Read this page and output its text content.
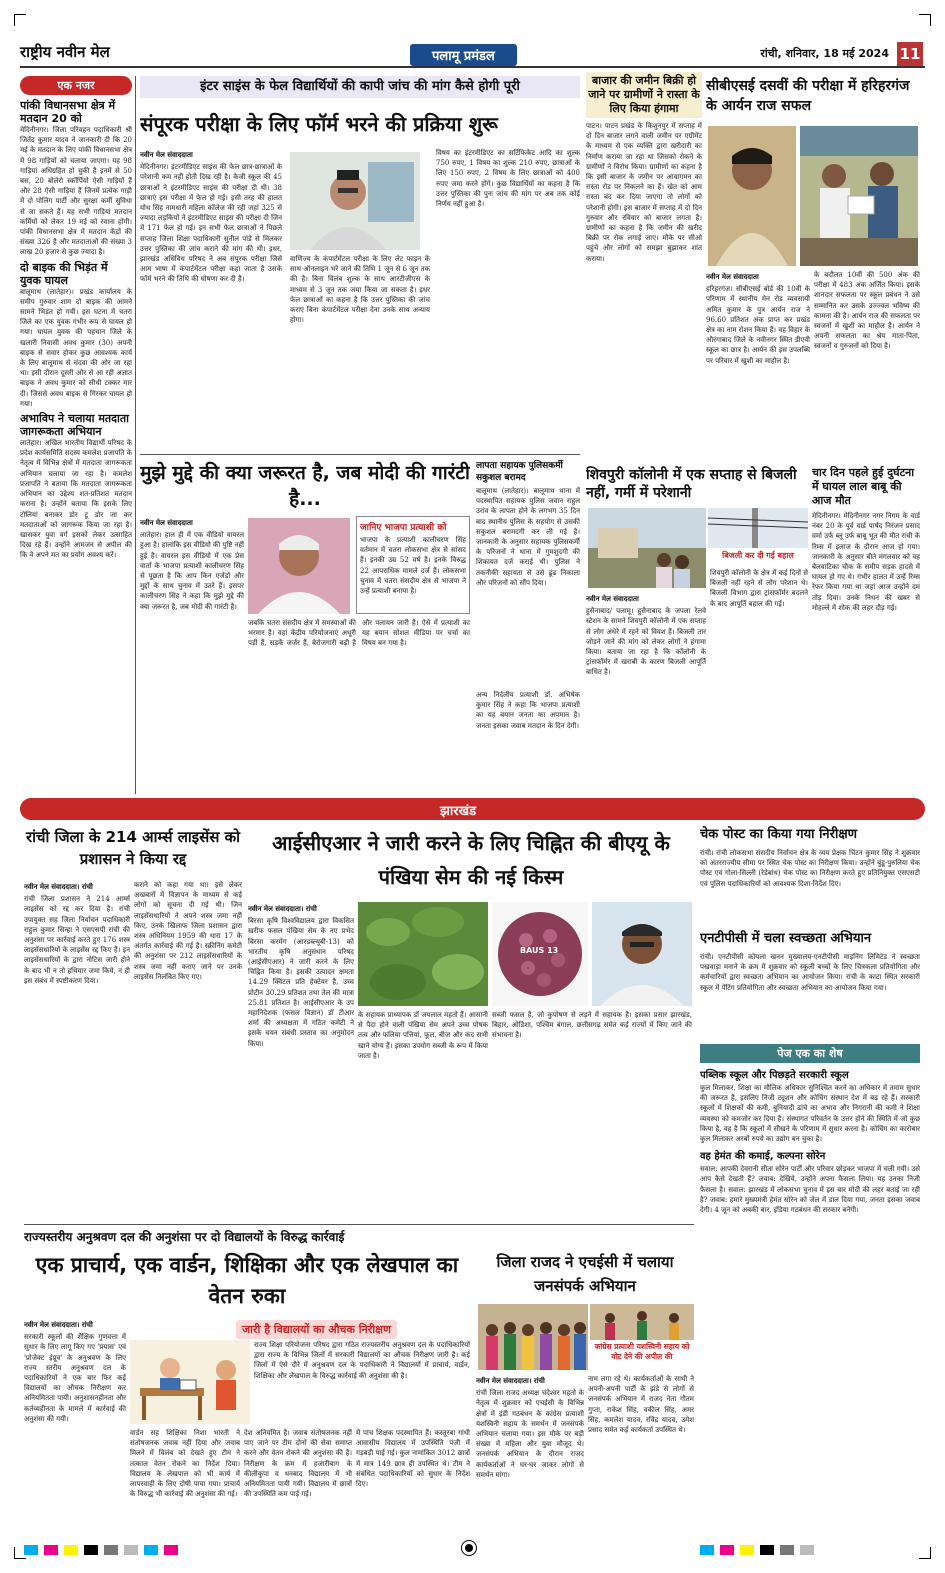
राष्ट्रीय नवीन मेल	पलामू प्रमंडल	रांची, शनिवार, 18 मई 2024 11
एक नजर
पांकी विधानसभा क्षेत्र में मतदान 20 को
मेदिनीनगर। जिला परिवहन पदाधिकारी श्री जितेंद्र कुमार यादव ने जानकारी दी कि 20 मई के मतदान के लिए पांकी विधानसभा क्षेत्र में 98 गाड़ियों को चलाया जाएगा। यह 98 गाड़ियां अधिग्रहित हो चुकी है इनमें से 50 बस, 20 बोलेरो स्कॉर्पियो ऐसी गाड़ियों हैं और 28 ऐसी गाड़ियां हैं जिनमें प्रत्येक गाड़ी में दो पोलिंग पार्टी और सुरक्षा कर्मी सुविधा से जा सकते हैं। यह सभी गाड़ियां मतदान कर्मियों को लेकर 19 मई को रवाना होंगी। पांकी विधानसभा क्षेत्र में मतदान केंद्रों की संख्या 326 है और मतदाताओं की संख्या 3 लाख 20 हजार से कुछ ज्यादा है।
दो बाइक की भिड़ंत में युवक घायल
बालूमाथ (लातेहार)। प्रखंड कार्यालय के समीप गुरुवार शाम दो बाइक की आमने सामने भिड़ंत हो गयी। इस घटना में चतरा जिले का एक युवक गंभीर रूप से घायल हो गया। घायल युवक की पहचान जिले के खलारी निवासी अवध कुमार (30) अपनी बाइक से सवार होकर कुछ आवश्यक कार्य के लिए बालूमाथ से चंदवा की ओर जा रहा था। इसी दौरान दूसरी ओर से आ रही अज्ञात बाइक ने अवध कुमार को सीधी टक्कर मार दी। जिससे अवध बाइक से गिरकर घायल हो गया।
अभाविप ने चलाया मतदाता जागरूकता अभियान
लातेहार। अखिल भारतीय विद्यार्थी परिषद के प्रदेश कार्यसमिति सदस्य कमलेश प्रजापति के नेतृत्व में विभिन्न क्षेत्रों में मतदाता जागरूकता अभियान चलाया जा रहा है। कमलेश प्रजापति ने बताया कि मतदाता जागरूकता अभियान का उद्देश्य शत-प्रतिशत मतदान कराना है। उन्होंने बताया कि इसके लिए टोलियां बनाकर डोर टू डोर जा कर मतदाताओं को जागरूक किया जा रहा है। खासकर युवा वर्ग इसको लेकर उत्साहित दिख रहे हैं। उन्होंने आमजन से अपील की कि वे अपने मत का प्रयोग अवश्य करें।
इंटर साइंस के फेल विद्यार्थियों की कापी जांच की मांग कैसे होगी पूरी
संपूरक परीक्षा के लिए फॉर्म भरने की प्रक्रिया शुरू
नवीन मेल संवाददाता
मेदिनीनगर। इंटरमीडिएट साइंस की फेल छात्र-छात्राओं के परेशानी कम नहीं होती दिख रही है। केजी स्कूल की 45 छात्राओं ने इंटरमीडिएट साइंस की परीक्षा दी थी। 38 छात्राएं इस परीक्षा में फेल हो गई। इसी तरह की हालत योध सिंह नामधारी महिला कॉलेज की रही जहां 325 से ज्यादा लड़कियों ने इंटरमीडिएट साइंस की परीक्षा दी जिन में 171 फेल हो गई। इन सभी फेल छात्राओं ने पिछले सप्ताह जिला शिक्षा पदाधिकारी सुनील पांडे से मिलकर उत्तर पुस्तिका की जांच कराने की मांग की थी। इधर, झारखंड अधिविध परिषद ने अब संपूरक परीक्षा जिसे आम भाषा में कंपार्टमेंटल परीक्षा कहा जाता है उसके फॉर्म भरने की तिथि की घोषणा कर दी है।
वाणिज्य के कंपार्टमेंटल परीक्षा के लिए लेट फाइन के साथ ऑनलाइन भरे जाने की तिथि 1 जून से 6 जून तक की है। बिना विलंब शुल्क के साथ आरटीजीएस के माध्यम से 3 जून तक जमा किया जा सकता है। इधर फेल छात्राओं का कहना है कि उत्तर पुस्तिका की जांच कराए बिना कंपार्टमेंटल परीक्षा देना उनके साथ अन्याय होगा।
विषय का इंटरमीडिएट का सर्टिफिकेट आदि का शुल्क 750 रुपए, 1 विषय का शुल्क 210 रुपए, छात्राओं के लिए 150 रुपए, 2 विषय के लिए छात्राओं को 400 रुपए जमा करने होंगे। कुछ विद्यार्थियों का कहना है कि उत्तर पुस्तिका की पुनः जांच की मांग पर अब तक कोई निर्णय नहीं हुआ है।
बाजार की जमीन बिक्री हो जाने पर ग्रामीणों ने रास्ता के लिए किया हंगामा
पाटन। पाटन प्रखंड के किशुनपुर में सप्ताह में दो दिन बाजार लगने वाली जमीन पर एग्रीमेंट के माध्यम से एक व्यक्ति द्वारा खरीदारी का निर्माण कराया जा रहा था जिसको रोकने के ग्रामीणों ने विरोध किया। ग्रामीणों का कहना है कि इसी बाजार के जमीन पर आवागमन का रास्ता रोड पर निकलने का हैं। खेत को आम रास्ता बंद कर दिया जाएगा तो लोगों को परेशानी होगी। इस बाजार में सप्ताह में दो दिन गुरुवार और रविवार को बाजार लगता है। ग्रामीणों का कहना है कि जमीन की खरीद बिक्री पर रोक लगाई जाए। मौके पर सीओ पहुंचे और लोगों को समझा बुझाकर शांत कराया।
सीबीएसई दसवीं की परीक्षा में हरिहरगंज के आर्यन राज सफल
नवीन मेल संवाददाता
हरिहरगंज। सीबीएसई बोर्ड की 10वीं के परिणाम में स्थानीय मेन रोड व्यवसायी अमित कुमार के पुत्र आर्यन राज ने 96.60 प्रतिशत अंक प्राप्त कर प्रखंड क्षेत्र का नाम रोशन किया है। वह विहार के औरंगाबाद जिले के नवीनगर स्थित डीएवी स्कूल का छात्र है। आर्यन की इस उपलब्धि पर परिवार में खुशी का माहौल है।
के बदौलत 10वीं की 500 अंक की परीक्षा में 483 अंक अर्जित किया। इसके शानदार सफलता पर स्कूल प्रबंधन ने उसे सम्मानित कर उसके उज्ज्वल भविष्य की कामना की है। आर्यन राज की सफलता पर स्वजनों में खुशी का माहौल है। आर्यन ने अपनी सफलता का श्रेय माता-पिता, स्वजनों व गुरुजनों को दिया है।
चार दिन पहले हुई दुर्घटना में घायल लाल बाबू की आज मौत
मेदिनीनगर। मेदिनीनगर नगर निगम के वार्ड नंबर 20 के पूर्व वार्ड पार्षद निरंजन प्रसाद वर्मा उर्फ ब्लू उर्फ बाबू भूत की मौत रांची के रिम्स में इलाज के दौरान आज हो गया। जानकारी के अनुसार बीते मंगलवार को वह बेलवाटिका चौक के समीप सड़क हादसे में घायल हो गए थे। गंभीर हालत में उन्हें रिम्स रेफर किया गया था जहां आज उन्होंने दम तोड़ दिया। उनके निधन की खबर से मोहल्ले में शोक की लहर दौड़ गई।
मुझे मुद्दे की क्या जरूरत है, जब मोदी की गारंटी है...
नवीन मेल संवाददाता
लातेहार। हाल ही में एक वीडियो वायरल हुआ है। हालांकि इस वीडियो की पुष्टि नहीं हुई है। वायरल इस वीडियो में एक प्रेस वार्ता के भाजपा प्रत्याशी कालीचरण सिंह से पूछता है कि आप किन एजेंडों और मुद्दों के साथ चुनाव में उतरे हैं। इसपर कालीचरण सिंह ने कहा कि मुझे मुद्दे की क्या जरूरत है, जब मोदी की गारंटी है।
जानिए भाजपा प्रत्याशी को
भाजपा के प्रत्याशी कालीचरण सिंह वर्तमान में चतरा लोकसभा क्षेत्र से सांसद हैं। इनकी उम्र 52 वर्ष है। इनके विरुद्ध 22 आपराधिक मामले दर्ज हैं। लोकसभा चुनाव में चतरा संसदीय क्षेत्र से भाजपा ने उन्हें प्रत्याशी बनाया है।
जबकि चतरा संसदीय क्षेत्र में समस्याओं की भरमार है। वहां केंद्रीय परियोजनाएं अधूरी पड़ी हैं, सड़कें जर्जर हैं, बेरोजगारी बढ़ी है और पलायन जारी है। ऐसे में प्रत्याशी का यह बयान सोशल मीडिया पर चर्चा का विषय बन गया है।
लापता सहायक पुलिसकर्मी सकुशल बरामद
बालूमाथ (लातेहार)। बालूमाथ थाना में पदस्थापित सहायक पुलिस जवान राहुल उरांव के लापता होने के लगभग 35 दिन बाद स्थानीय पुलिस के सहयोग से उसकी सकुशल बरामदगी कर ली गई है। जानकारी के अनुसार सहायक पुलिसकर्मी के परिजनों ने थाना में गुमशुदगी की शिकायत दर्ज कराई थी। पुलिस ने तकनीकी सहायता से उसे ढूंढ निकाला और परिजनों को सौंप दिया।
अन्य निर्दलीय प्रत्याशी डॉ. अभिषेक कुमार सिंह ने कहा कि भाजपा प्रत्याशी का यह बयान जनता का अपमान है। जनता इसका जवाब मतदान के दिन देगी।
शिवपुरी कॉलोनी में एक सप्ताह से बिजली नहीं, गर्मी में परेशानी
बिजली कर दी गई बहाल
नवीन मेल संवाददाता
हुसैनाबाद/ पलामू। हुसैनाबाद के जपला रेलवे स्टेशन के सामने शिवपुरी कॉलोनी में एक सप्ताह से लोग अंधेरे में रहने को विवश हैं। बिजली तार जोड़ने जाने की मांग को लेकर लोगों ने हंगामा किया। बताया जा रहा है कि कॉलोनी के ट्रांसफॉर्मर में खराबी के कारण बिजली आपूर्ति बाधित है।
शिवपुरी कॉलोनी के क्षेत्र में कई दिनों से बिजली नहीं रहने से लोग परेशान थे। बिजली विभाग द्वारा ट्रांसफॉर्मर बदलने के बाद आपूर्ति बहाल की गई।
झारखंड
रांची जिला के 214 आर्म्स लाइसेंस को प्रशासन ने किया रद्द
नवीन मेल संवाददाता। रांची
रांची जिला प्रशासन ने 214 आर्म्स लाइसेंस को रद्द कर दिया है। रांची उपायुक्त सह जिला निर्वाचन पदाधिकारी राहुल कुमार सिन्हा ने एसएसपी रांची की अनुशंसा पर कार्रवाई करते हुए 176 शस्त्र लाइसेंसधारियों के लाइसेंस रद्द किए हैं। इन लाइसेंसधारियों के द्वारा नोटिस जारी होने के बाद भी न तो हथियार जमा किये, न ही इस संबंध में स्पष्टीकरण दिया।
कराने को कहा गया था। इसे लेकर अखबारों में विज्ञापन के माध्यम से कई लोगों को सूचना दी गई थी। जिन लाइसेंसधारियों ने अपने शस्त्र जमा नहीं किए, उनके खिलाफ जिला प्रशासन द्वारा शस्त्र अधिनियम 1959 की धारा 17 के अंतर्गत कार्रवाई की गई है। स्क्रीनिंग कमेटी की अनुशंसा पर 212 लाइसेंसधारियों के शस्त्र जमा नहीं कराए जाने पर उनके लाइसेंस निलंबित किए गए।
आईसीएआर ने जारी करने के लिए चिह्नित की बीएयू के पंखिया सेम की नई किस्म
नवीन मेल संवाददाता। रांची
बिरसा कृषि विश्वविद्यालय द्वारा विकसित खरीफ फसल पंखिया सेम के नए प्रभेद बिरसा करमेंग (आरडब्ल्यूबी-13) को भारतीय कृषि अनुसंधान परिषद (आईसीएआर) ने जारी करने के लिए चिह्नित किया है। इसकी उत्पादन क्षमता 14.29 क्विंटल प्रति हेक्टेयर है, उच्च प्रोटीन 30.29 प्रतिशत तथा तेल की मात्रा 25.81 प्रतिशत है। आईसीएआर के उप महानिदेशक (फसल विज्ञान) डॉ टीआर शर्मा की अध्यक्षता में गठित कमेटी ने इसके चयन संबंधी प्रस्ताव का अनुमोदन किया।
BAUS 13
के सहायक प्राध्यापक डॉ जयलाल महतो हैं। आसानी से पैदा होने वाली पंखिया सेम अपने उच्च पोषक तत्व और फलिया पत्तियां, फूल, बीज और कंद सभी खाने योग्य हैं। इसका उपयोग सब्जी के रूप में किया जाता है।
सब्जी फसल है, जो कुपोषण से लड़ने में सहायक है। इसका प्रसार झारखंड, बिहार, ओडिशा, पश्चिम बंगाल, छत्तीसगढ़ समेत कई राज्यों में किए जाने की संभावना है।
चेक पोस्ट का किया गया निरीक्षण
रांची। रांची लोकसभा संसदीय निर्वाचन क्षेत्र के व्यय प्रेक्षक चिंटन कुमार सिंह ने शुक्रवार को अंतरराज्यीय सीमा पर स्थित चेक पोस्ट का निरीक्षण किया। उन्होंने बुंडू-पुरुलिया चेक पोस्ट एवं गोला-सिल्ली (रेडेबांध) चेक पोस्ट का निरीक्षण करते हुए प्रतिनियुक्त एसएसटी एवं पुलिस पदाधिकारियों को आवश्यक दिशा-निर्देश दिए।
एनटीपीसी में चला स्वच्छता अभियान
रांची। एनटीपीसी कोयला खनन मुख्यालय-एनटीपीसी माइनिंग लिमिटेड ने स्वच्छता पखवाड़ा मनाने के क्रम में शुक्रवार को स्कूली बच्चों के लिए चित्रकला प्रतियोगिता और कर्मचारियों द्वारा स्वच्छता अभियान का आयोजन किया। रांची के काटा स्थित सरकारी स्कूल में पेंटिंग प्रतियोगिता और स्वच्छता अभियान का आयोजन किया गया।
पेज एक का शेष
पब्लिक स्कूल और पिछड़ते सरकारी स्कूल
कुल मिलाकर, शिक्षा का मौलिक अधिकार सुनिश्चित करने का अधिकार में तमाम सुधार की जरूरत है, इसलिए निजी ट्यूशन और कोचिंग संस्थान देश में बढ़ रहे हैं। सरकारी स्कूलों में शिक्षकों की कमी, बुनियादी ढांचे का अभाव और निगरानी की कमी ने शिक्षा व्यवस्था को कमजोर कर दिया है। संस्थागत परिवर्तन के उत्तर होने की स्थिति में जो कुछ किया है, वह है कि स्कूलों में सीखने के परिणाम में सुधार करना है। कोचिंग का कारोबार कुल मिलाकर अरबों रुपये का उद्योग बन चुका है।
वह हेमंत की कमाई, कल्पना सोरेन
सवाल: आपकी देवरानी सीता सोरेन पार्टी और परिवार छोड़कर भाजपा में चली गयी। उसे आप कैसे देखती हैं? जवाब: देखिये, उन्होंने अपना फैसला लिया। यह उनका निजी फैसला है। सवाल: झारखंड में लोकसभा चुनाव में इस बार मोदी की लहर बताई जा रही है? जवाब: हमारे मुख्यमंत्री हेमंत सोरेन को जेल में डाल दिया गया, जनता इसका जवाब देगी। 4 जून को अबकी बार, इंडिया गठबंधन की सरकार बनेगी।
राज्यस्तरीय अनुश्रवण दल की अनुशंसा पर दो विद्यालयों के विरुद्ध कार्रवाई
एक प्राचार्य, एक वार्डन, शिक्षिका और एक लेखपाल का वेतन रुका
नवीन मेल संवाददाता। रांची
सरकारी स्कूलों की शैक्षिक गुणवत्ता में सुधार के लिए लागू किए गए 'प्रयास' एवं 'प्रोजेक्ट इंप्रूव' के अनुश्रवण के लिए राज्य स्तरीय अनुश्रवण दल के पदाधिकारियों ने एक बार फिर कई विद्यालयों का औचक निरीक्षण कर अनियमितता पायी। अनुशासनहीनता और कर्तव्यहीनता के मामले में कार्रवाई की अनुशंसा की गयी।
जारी है विद्यालयों का औचक निरीक्षण
राज्य शिक्षा परियोजना परिषद द्वारा गठित राज्यस्तरीय अनुश्रवण दल के पदाधिकारियों द्वारा राज्य के विभिन्न जिलों में सरकारी विद्यालयों का औचक निरीक्षण जारी है। कई जिलों में ऐसे दौरे में अनुश्रवण दल के पदाधिकारी ने विद्यालयों में प्राचार्य, वार्डन, शिक्षिका और लेखपाल के विरुद्ध कार्रवाई की अनुशंसा की है।
वार्डन सह शिक्षिका निशा भारती ने संतोषजनक जवाब नहीं दिया और जवाब मिलने में विलंब को देखते हुए टीम ने तत्काल वेतन रोकने का निर्देश दिया। विद्यालय के लेखपाल को भी कार्य में लापरवाही के लिए दोषी पाया गया। प्राचार्य के विरुद्ध भी कार्रवाई की अनुशंसा की गई।
देश अनियमित है। जवाब संतोषजनक नहीं पाए जाने पर टीम दोनों की सेवा समाप्त करने और वेतन रोकने की अनुशंसा की है। निरीक्षण के क्रम में हजारीबाग के कीलीकुपा व धनबाद विद्यालय में भी अनियमितता पायी गयी। विद्यालय में छात्रों की उपस्थिति कम पाई गई।
में पांच शिक्षक पदस्थापित हैं। कस्तूरबा गांधी आवासीय विद्यालय में उपस्थिति पंजी में गड़बड़ी पाई गई। कुल नामांकित 3012 छात्रों में मात्र 149 छात्र ही उपस्थित थे। टीम ने संबंधित पदाधिकारियों को सुधार के निर्देश दिए।
जिला राजद ने एचईसी में चलाया जनसंपर्क अभियान
कांग्रेस प्रत्याशी यशस्विनी सहाय को वोट देने की अपील की
नवीन मेल संवाददाता। रांची
रांची जिला राजद अध्यक्ष चंदेश्वर महतो के नेतृत्व में शुक्रवार को एचईसी के विभिन्न क्षेत्रों में इंडी गठबंधन के कांग्रेस प्रत्याशी यशस्विनी सहाय के समर्थन में जनसंपर्क अभियान चलाया गया। इस मौके पर बड़ी संख्या में महिला और युवा मौजूद थे। जनसंपर्क अभियान के दौरान राजद कार्यकर्ताओं ने घर-घर जाकर लोगों से समर्थन मांगा।
नाम लगा रहे थे। कार्यकर्ताओं के साथी ने अपनी-अपनी पार्टी के झंडे से लोगों से जनसंपर्क अभियान में राजद नेता गौतम गुप्ता, राकेश सिंह, वकील सिंह, अमर सिंह, कमलेश यादव, रविंद्र यादव, उमेश प्रसाद समेत कई कार्यकर्ता उपस्थित थे।
